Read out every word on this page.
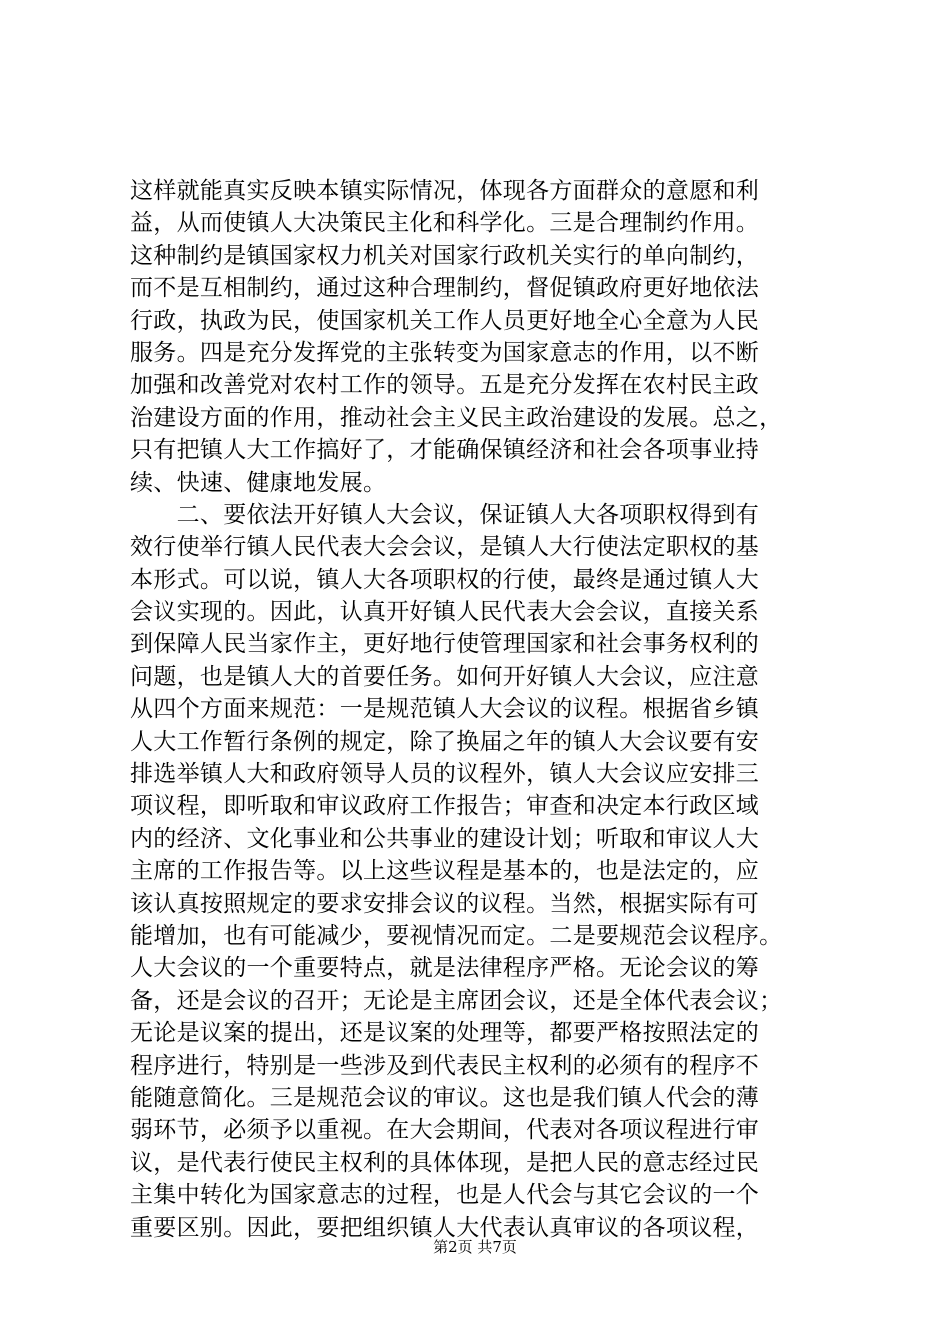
这样就能真实反映本镇实际情况，体现各方面群众的意愿和利
益，从而使镇人大决策民主化和科学化。三是合理制约作用。
这种制约是镇国家权力机关对国家行政机关实行的单向制约，
而不是互相制约，通过这种合理制约，督促镇政府更好地依法
行政，执政为民，使国家机关工作人员更好地全心全意为人民
服务。四是充分发挥党的主张转变为国家意志的作用，以不断
加强和改善党对农村工作的领导。五是充分发挥在农村民主政
治建设方面的作用，推动社会主义民主政治建设的发展。总之，
只有把镇人大工作搞好了，才能确保镇经济和社会各项事业持
续、快速、健康地发展。
　　二、要依法开好镇人大会议，保证镇人大各项职权得到有
效行使举行镇人民代表大会会议，是镇人大行使法定职权的基
本形式。可以说，镇人大各项职权的行使，最终是通过镇人大
会议实现的。因此，认真开好镇人民代表大会会议，直接关系
到保障人民当家作主，更好地行使管理国家和社会事务权利的
问题，也是镇人大的首要任务。如何开好镇人大会议，应注意
从四个方面来规范：一是规范镇人大会议的议程。根据省乡镇
人大工作暂行条例的规定，除了换届之年的镇人大会议要有安
排选举镇人大和政府领导人员的议程外，镇人大会议应安排三
项议程，即听取和审议政府工作报告；审查和决定本行政区域
内的经济、文化事业和公共事业的建设计划；听取和审议人大
主席的工作报告等。以上这些议程是基本的，也是法定的，应
该认真按照规定的要求安排会议的议程。当然，根据实际有可
能增加，也有可能减少，要视情况而定。二是要规范会议程序。
人大会议的一个重要特点，就是法律程序严格。无论会议的筹
备，还是会议的召开；无论是主席团会议，还是全体代表会议；
无论是议案的提出，还是议案的处理等，都要严格按照法定的
程序进行，特别是一些涉及到代表民主权利的必须有的程序不
能随意简化。三是规范会议的审议。这也是我们镇人代会的薄
弱环节，必须予以重视。在大会期间，代表对各项议程进行审
议，是代表行使民主权利的具体体现，是把人民的意志经过民
主集中转化为国家意志的过程，也是人代会与其它会议的一个
重要区别。因此，要把组织镇人大代表认真审议的各项议程，
第2页 共7页
